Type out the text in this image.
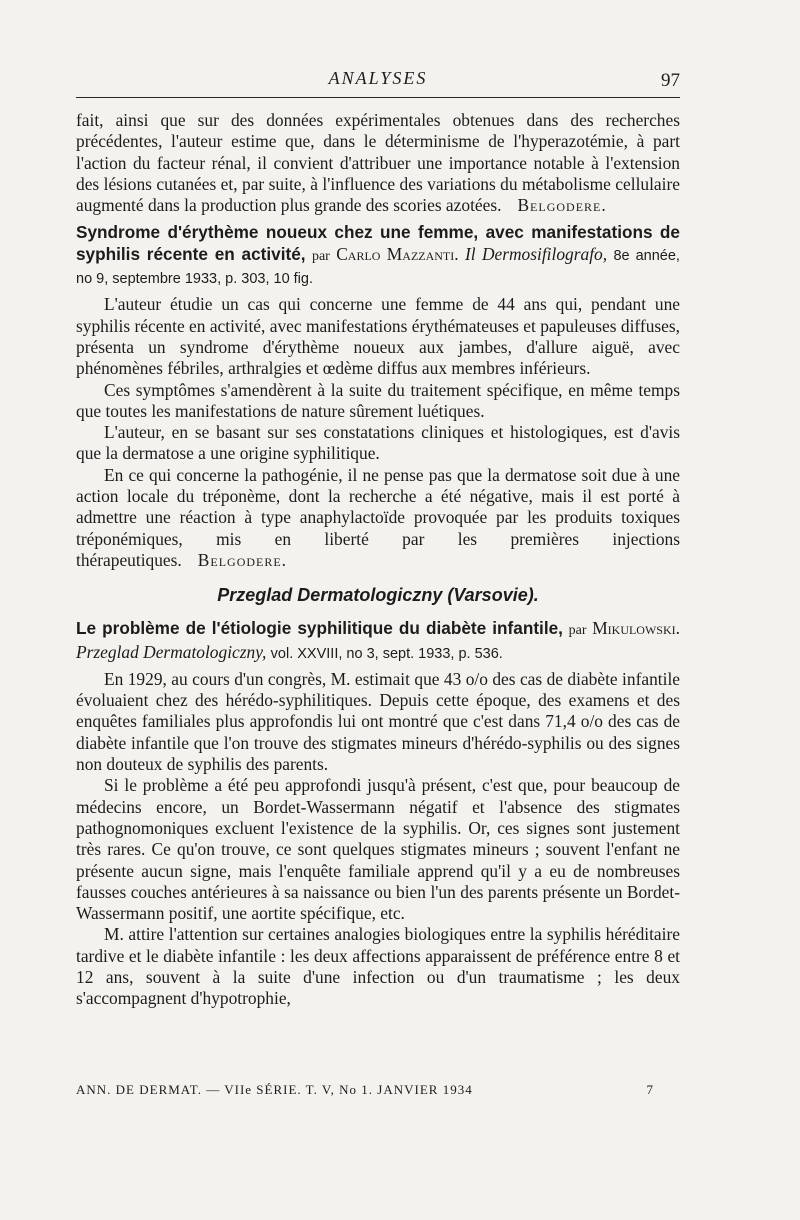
ANALYSES	97

fait, ainsi que sur des données expérimentales obtenues dans des recherches précédentes, l'auteur estime que, dans le déterminisme de l'hyperazotémie, à part l'action du facteur rénal, il convient d'attribuer une importance notable à l'extension des lésions cutanées et, par suite, à l'influence des variations du métabolisme cellulaire augmenté dans la production plus grande des scories azotées. Belgodere.

Syndrome d'érythème noueux chez une femme, avec manifestations de syphilis récente en activité, par Carlo Mazzanti. Il Dermosifilografo, 8e année, no 9, septembre 1933, p. 303, 10 fig.

L'auteur étudie un cas qui concerne une femme de 44 ans qui, pendant une syphilis récente en activité, avec manifestations érythémateuses et papuleuses diffuses, présenta un syndrome d'érythème noueux aux jambes, d'allure aiguë, avec phénomènes fébriles, arthralgies et œdème diffus aux membres inférieurs.

Ces symptômes s'amendèrent à la suite du traitement spécifique, en même temps que toutes les manifestations de nature sûrement luétiques.

L'auteur, en se basant sur ses constatations cliniques et histologiques, est d'avis que la dermatose a une origine syphilitique.

En ce qui concerne la pathogénie, il ne pense pas que la dermatose soit due à une action locale du tréponème, dont la recherche a été négative, mais il est porté à admettre une réaction à type anaphylactoïde provoquée par les produits toxiques tréponémiques, mis en liberté par les premières injections thérapeutiques. Belgodere.

Przeglad Dermatologiczny (Varsovie).

Le problème de l'étiologie syphilitique du diabète infantile, par Mikulowski. Przeglad Dermatologiczny, vol. XXVIII, no 3, sept. 1933, p. 536.

En 1929, au cours d'un congrès, M. estimait que 43 o/o des cas de diabète infantile évoluaient chez des hérédo-syphilitiques. Depuis cette époque, des examens et des enquêtes familiales plus approfondis lui ont montré que c'est dans 71,4 o/o des cas de diabète infantile que l'on trouve des stigmates mineurs d'hérédo-syphilis ou des signes non douteux de syphilis des parents.

Si le problème a été peu approfondi jusqu'à présent, c'est que, pour beaucoup de médecins encore, un Bordet-Wassermann négatif et l'absence des stigmates pathognomoniques excluent l'existence de la syphilis. Or, ces signes sont justement très rares. Ce qu'on trouve, ce sont quelques stigmates mineurs ; souvent l'enfant ne présente aucun signe, mais l'enquête familiale apprend qu'il y a eu de nombreuses fausses couches antérieures à sa naissance ou bien l'un des parents présente un Bordet-Wassermann positif, une aortite spécifique, etc.

M. attire l'attention sur certaines analogies biologiques entre la syphilis héréditaire tardive et le diabète infantile : les deux affections apparaissent de préférence entre 8 et 12 ans, souvent à la suite d'une infection ou d'un traumatisme ; les deux s'accompagnent d'hypotrophie,

ANN. DE DERMAT. — VIIe SÉRIE. T. V, No 1. JANVIER 1934	7
